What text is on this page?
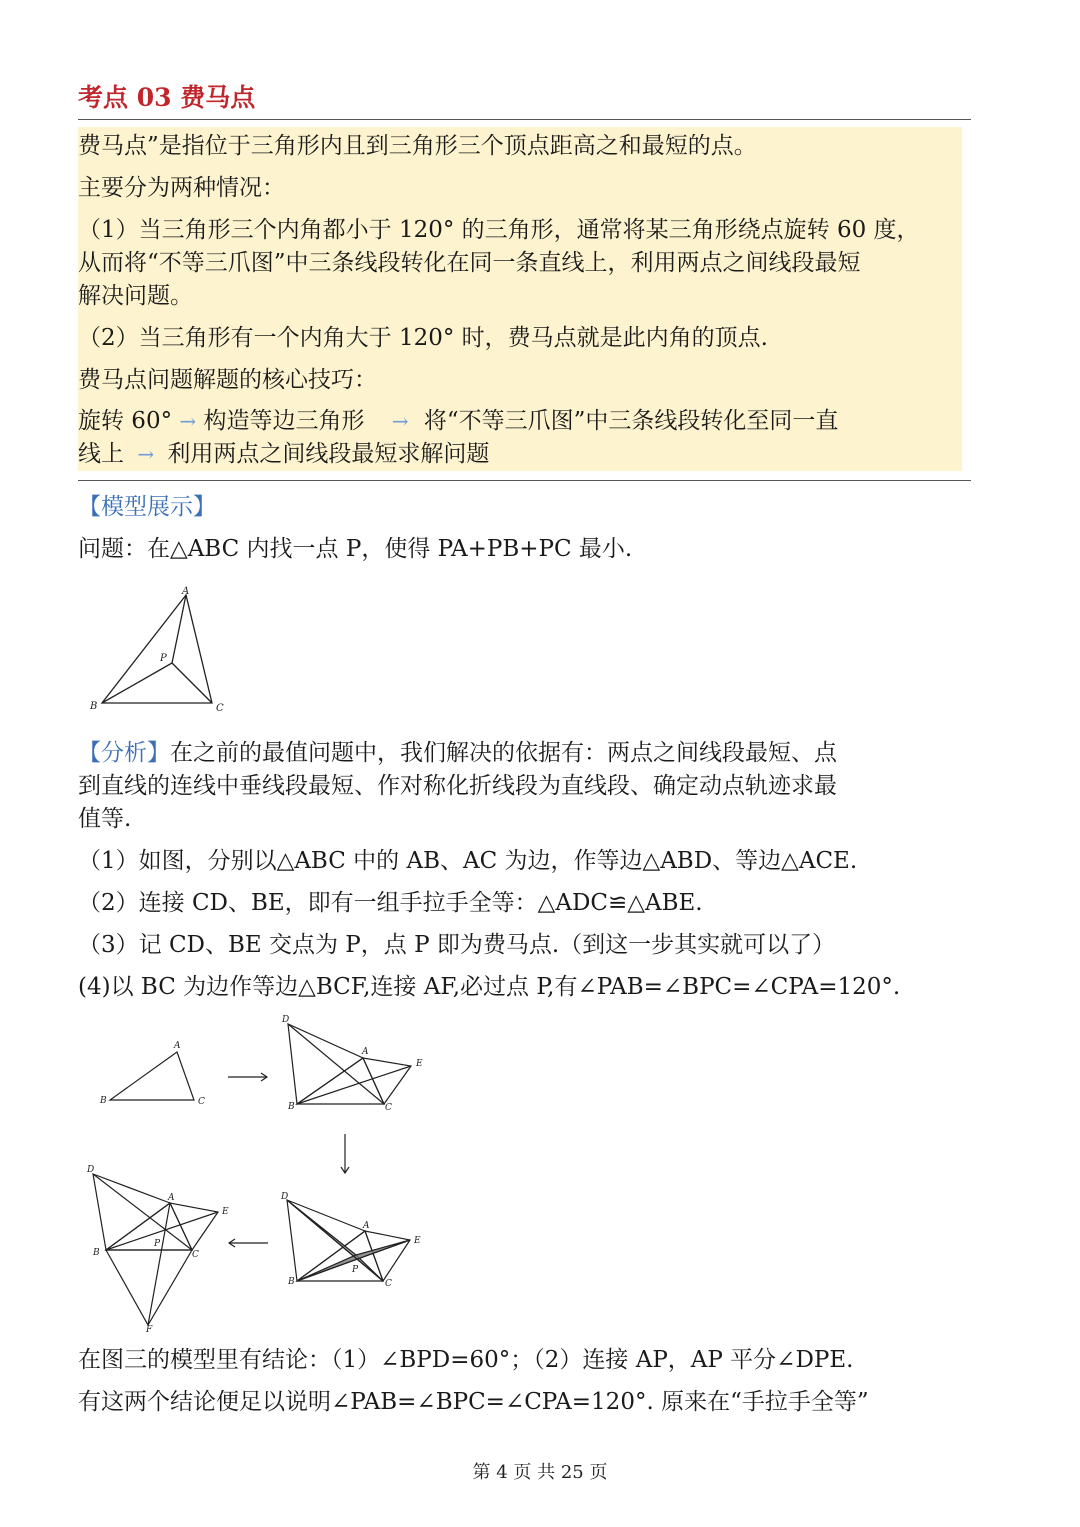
考点 03 费马点
费马点”是指位于三角形内且到三角形三个顶点距高之和最短的点。
主要分为两种情况：
（1）当三角形三个内角都小于 120° 的三角形，通常将某三角形绕点旋转 60 度，
从而将“不等三爪图”中三条线段转化在同一条直线上，利用两点之间线段最短
解决问题。
（2）当三角形有一个内角大于 120° 时，费马点就是此内角的顶点.
费马点问题解题的核心技巧：
旋转 60° → 构造等边三角形 → 将“不等三爪图”中三条线段转化至同一直
线上 → 利用两点之间线段最短求解问题
【模型展示】
问题：在△ABC 内找一点 P，使得 PA+PB+PC 最小.
A
B	C
P
【分析】在之前的最值问题中，我们解决的依据有：两点之间线段最短、点
到直线的连线中垂线段最短、作对称化折线段为直线段、确定动点轨迹求最
值等.
（1）如图，分别以△ABC 中的 AB、AC 为边，作等边△ABD、等边△ACE.
（2）连接 CD、BE，即有一组手拉手全等：△ADC≌△ABE.
（3）记 CD、BE 交点为 P，点 P 即为费马点.（到这一步其实就可以了）
(4)以 BC 为边作等边△BCF,连接 AF,必过点 P,有∠PAB=∠BPC=∠CPA=120°.
A
B	C
D
A
E
B	C
D
A
E
B	C
P
D
A
E
B	C
P
F
在图三的模型里有结论：（1）∠BPD=60°；（2）连接 AP，AP 平分∠DPE.
有这两个结论便足以说明∠PAB=∠BPC=∠CPA=120°. 原来在“手拉手全等”
第 4 页 共 25 页
